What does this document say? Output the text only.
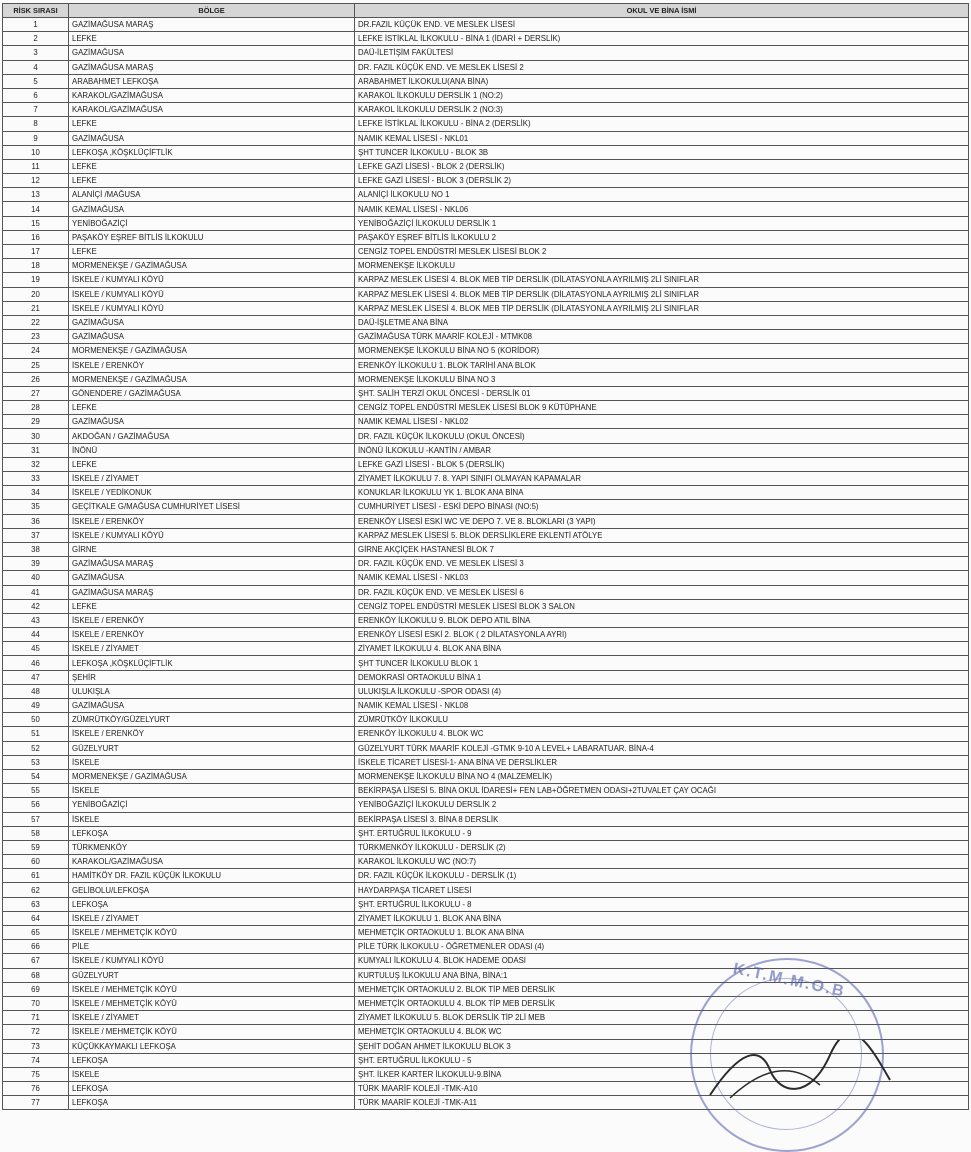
RİSK SIRASI	BÖLGE	OKUL VE BİNA İSMİ
1	GAZİMAĞUSA MARAŞ	DR.FAZIL KÜÇÜK END. VE MESLEK LİSESİ
2	LEFKE	LEFKE İSTİKLAL İLKOKULU - BİNA 1 (İDARİ + DERSLİK)
3	GAZİMAĞUSA	DAÜ-İLETİŞİM FAKÜLTESİ
4	GAZİMAĞUSA MARAŞ	DR. FAZIL KÜÇÜK END. VE MESLEK LİSESİ 2
5	ARABAHMET LEFKOŞA	ARABAHMET İLKOKULU(ANA BİNA)
6	KARAKOL/GAZİMAĞUSA	KARAKOL İLKOKULU DERSLİK 1 (NO:2)
7	KARAKOL/GAZİMAĞUSA	KARAKOL İLKOKULU DERSLİK 2 (NO:3)
8	LEFKE	LEFKE İSTİKLAL İLKOKULU - BİNA 2 (DERSLİK)
9	GAZİMAĞUSA	NAMIK KEMAL LİSESİ - NKL01
10	LEFKOŞA ,KÖŞKLÜÇİFTLİK	ŞHT TUNCER İLKOKULU - BLOK 3B
11	LEFKE	LEFKE GAZİ LİSESİ - BLOK 2 (DERSLİK)
12	LEFKE	LEFKE GAZİ LİSESİ - BLOK 3 (DERSLİK 2)
13	ALANİÇİ /MAĞUSA	ALANİÇİ İLKOKULU NO 1
14	GAZİMAĞUSA	NAMIK KEMAL LİSESİ - NKL06
15	YENİBOĞAZİÇİ	YENİBOĞAZİÇİ İLKOKULU DERSLİK 1
16	PAŞAKÖY EŞREF BİTLİS İLKOKULU	PAŞAKÖY EŞREF BİTLİS İLKOKULU 2
17	LEFKE	CENGİZ TOPEL ENDÜSTRİ MESLEK LİSESİ BLOK 2
18	MORMENEKŞE / GAZİMAĞUSA	MORMENEKŞE İLKOKULU
19	İSKELE / KUMYALI KÖYÜ	KARPAZ MESLEK LİSESİ 4. BLOK MEB TİP DERSLİK (DİLATASYONLA AYRILMIŞ 2Lİ SINIFLAR
20	İSKELE / KUMYALI KÖYÜ	KARPAZ MESLEK LİSESİ 4. BLOK MEB TİP DERSLİK (DİLATASYONLA AYRILMIŞ 2Lİ SINIFLAR
21	İSKELE / KUMYALI KÖYÜ	KARPAZ MESLEK LİSESİ 4. BLOK MEB TİP DERSLİK (DİLATASYONLA AYRILMIŞ 2Lİ SINIFLAR
22	GAZİMAĞUSA	DAÜ-İŞLETME ANA BİNA
23	GAZİMAĞUSA	GAZİMAĞUSA TÜRK MAARİF KOLEJİ - MTMK08
24	MORMENEKŞE / GAZİMAĞUSA	MORMENEKŞE İLKOKULU BİNA NO 5 (KORİDOR)
25	İSKELE / ERENKÖY	ERENKÖY İLKOKULU 1. BLOK TARİHİ ANA BLOK
26	MORMENEKŞE / GAZİMAĞUSA	MORMENEKŞE İLKOKULU BİNA NO 3
27	GÖNENDERE / GAZİMAĞUSA	ŞHT. SALİH TERZİ OKUL ÖNCESİ - DERSLİK 01
28	LEFKE	CENGİZ TOPEL ENDÜSTRİ MESLEK LİSESİ BLOK 9 KÜTÜPHANE
29	GAZİMAĞUSA	NAMIK KEMAL LİSESİ - NKL02
30	AKDOĞAN / GAZİMAĞUSA	DR. FAZIL KÜÇÜK İLKOKULU (OKUL ÖNCESİ)
31	İNÖNÜ	İNÖNÜ İLKOKULU -KANTİN / AMBAR
32	LEFKE	LEFKE GAZİ LİSESİ - BLOK 5 (DERSLİK)
33	İSKELE / ZİYAMET	ZİYAMET İLKOKULU 7. 8. YAPI SINIFI OLMAYAN KAPAMALAR
34	İSKELE / YEDİKONUK	KONUKLAR İLKOKULU YK 1. BLOK ANA BİNA
35	GEÇİTKALE G/MAĞUSA CUMHURİYET LİSESİ	CUMHURİYET LİSESİ - ESKİ DEPO BİNASI (NO:5)
36	İSKELE / ERENKÖY	ERENKÖY LİSESİ ESKİ WC VE DEPO 7. VE 8. BLOKLARI (3 YAPI)
37	İSKELE / KUMYALI KÖYÜ	KARPAZ MESLEK LİSESİ 5. BLOK DERSLİKLERE EKLENTİ ATÖLYE
38	GİRNE	GİRNE AKÇİÇEK HASTANESİ BLOK 7
39	GAZİMAĞUSA MARAŞ	DR. FAZIL KÜÇÜK END. VE MESLEK LİSESİ 3
40	GAZİMAĞUSA	NAMIK KEMAL LİSESİ - NKL03
41	GAZİMAĞUSA MARAŞ	DR. FAZIL KÜÇÜK END. VE MESLEK LİSESİ 6
42	LEFKE	CENGİZ TOPEL ENDÜSTRİ MESLEK LİSESİ BLOK 3 SALON
43	İSKELE / ERENKÖY	ERENKÖY İLKOKULU 9. BLOK DEPO ATIL BİNA
44	İSKELE / ERENKÖY	ERENKÖY LİSESİ ESKİ 2. BLOK ( 2 DİLATASYONLA AYRI)
45	İSKELE / ZİYAMET	ZİYAMET İLKOKULU 4. BLOK ANA BİNA
46	LEFKOŞA ,KÖŞKLÜÇİFTLİK	ŞHT TUNCER İLKOKULU BLOK 1
47	ŞEHİR	DEMOKRASİ ORTAOKULU BİNA 1
48	ULUKIŞLA	ULUKIŞLA İLKOKULU -SPOR ODASI (4)
49	GAZİMAĞUSA	NAMIK KEMAL LİSESİ - NKL08
50	ZÜMRÜTKÖY/GÜZELYURT	ZÜMRÜTKÖY İLKOKULU
51	İSKELE / ERENKÖY	ERENKÖY İLKOKULU 4. BLOK WC
52	GÜZELYURT	GÜZELYURT TÜRK MAARİF KOLEJİ -GTMK 9-10 A LEVEL+ LABARATUAR. BİNA-4
53	İSKELE	İSKELE TİCARET LİSESİ-1- ANA BİNA VE DERSLİKLER
54	MORMENEKŞE / GAZİMAĞUSA	MORMENEKŞE İLKOKULU BİNA NO 4 (MALZEMELİK)
55	İSKELE	BEKİRPAŞA LİSESİ 5. BİNA OKUL İDARESİ+ FEN LAB+ÖĞRETMEN ODASI+2TUVALET ÇAY OCAĞI
56	YENİBOĞAZİÇİ	YENİBOĞAZİÇİ İLKOKULU DERSLİK 2
57	İSKELE	BEKİRPAŞA LİSESİ 3. BİNA 8 DERSLİK
58	LEFKOŞA	ŞHT. ERTUĞRUL İLKOKULU - 9
59	TÜRKMENKÖY	TÜRKMENKÖY İLKOKULU - DERSLİK (2)
60	KARAKOL/GAZİMAĞUSA	KARAKOL İLKOKULU WC (NO:7)
61	HAMİTKÖY DR. FAZIL KÜÇÜK İLKOKULU	DR. FAZIL KÜÇÜK İLKOKULU - DERSLİK (1)
62	GELİBOLU/LEFKOŞA	HAYDARPAŞA TİCARET LİSESİ
63	LEFKOŞA	ŞHT. ERTUĞRUL İLKOKULU - 8
64	İSKELE / ZİYAMET	ZİYAMET İLKOKULU 1. BLOK ANA BİNA
65	İSKELE / MEHMETÇİK KÖYÜ	MEHMETÇİK ORTAOKULU 1. BLOK ANA BİNA
66	PİLE	PİLE TÜRK İLKOKULU - ÖĞRETMENLER ODASI (4)
67	İSKELE / KUMYALI KÖYÜ	KUMYALI İLKOKULU 4. BLOK HADEME ODASI
68	GÜZELYURT	KURTULUŞ İLKOKULU ANA BİNA, BİNA:1
69	İSKELE / MEHMETÇİK KÖYÜ	MEHMETÇİK ORTAOKULU 2. BLOK TİP MEB DERSLİK
70	İSKELE / MEHMETÇİK KÖYÜ	MEHMETÇİK ORTAOKULU 4. BLOK TİP MEB DERSLİK
71	İSKELE / ZİYAMET	ZİYAMET İLKOKULU 5. BLOK DERSLİK TİP 2Lİ MEB
72	İSKELE / MEHMETÇİK KÖYÜ	MEHMETÇİK ORTAOKULU 4. BLOK WC
73	KÜÇÜKKAYMAKLI LEFKOŞA	ŞEHİT DOĞAN AHMET İLKOKULU BLOK 3
74	LEFKOŞA	ŞHT. ERTUĞRUL İLKOKULU - 5
75	İSKELE	ŞHT. İLKER KARTER İLKOKULU-9.BİNA
76	LEFKOŞA	TÜRK MAARİF KOLEJİ -TMK-A10
77	LEFKOŞA	TÜRK MAARİF KOLEJİ -TMK-A11
K.T.M.M.O.B
